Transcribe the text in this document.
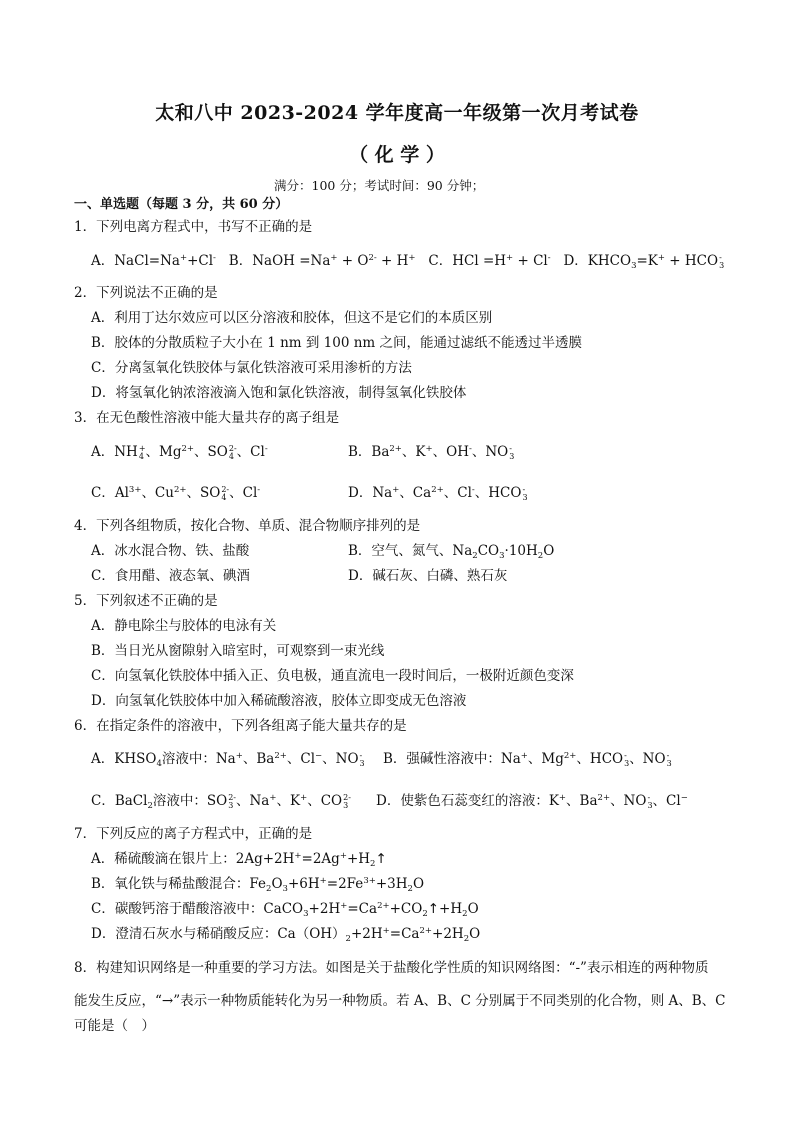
太和八中 2023-2024 学年度高一年级第一次月考试卷
（ 化 学 ）
满分：100 分；考试时间：90 分钟；
一、单选题（每题 3 分，共 60 分）
1．下列电离方程式中，书写不正确的是
A．NaCl=Na++Cl- B．NaOH $=Na^+ + O^{2-} + H^+$ C．HCl =H+ + Cl- D．$KHCO_3=K^+$ + HCO -
3
2．下列说法不正确的是
A．利用丁达尔效应可以区分溶液和胶体，但这不是它们的本质区别
B．胶体的分散质粒子大小在 1 nm 到 100 nm 之间，能通过滤纸不能透过半透膜
C．分离氢氧化铁胶体与氯化铁溶液可采用渗析的方法
D．将氢氧化钠浓溶液滴入饱和氯化铁溶液，制得氢氧化铁胶体
3．在无色酸性溶液中能大量共存的离子组是
A．NH +
4 、$Mg^{2+}$、SO 2-
4 、Cl-	B．$Ba^{2+}$、K+、OH-、NO -
3
C．$Al^{3+}$、$Cu^{2+}$、SO 2-
4 、Cl-	D．Na+、$Ca^{2+}$、Cl-、HCO -
3
4．下列各组物质，按化合物、单质、混合物顺序排列的是
A．冰水混合物、铁、盐酸	B．空气、氮气、$Na_2CO_3\cdot 10H_2O$
C．食用醋、液态氧、碘酒	D．碱石灰、白磷、熟石灰
5．下列叙述不正确的是
A．静电除尘与胶体的电泳有关
B．当日光从窗隙射入暗室时，可观察到一束光线
C．向氢氧化铁胶体中插入正、负电极，通直流电一段时间后，一极附近颜色变深
D．向氢氧化铁胶体中加入稀硫酸溶液，胶体立即变成无色溶液
6．在指定条件的溶液中，下列各组离子能大量共存的是
A．$KHSO_4$溶液中：Na+、$Ba^{2+}$、Cl−、NO -
3 B．强碱性溶液中：Na+、$Mg^{2+}$、HCO -
3 、NO -
3
C．BaCl$_2$溶液中：SO 2-
3 、Na+、K+、CO 2-
3 D．使紫色石蕊变红的溶液：K+、$Ba^{2+}$、NO -
3 、Cl−
7．下列反应的离子方程式中，正确的是
A．稀硫酸滴在银片上：$2Ag+2H^+=2Ag^++H_2↑$
B．氧化铁与稀盐酸混合：$Fe_2O_3+6H^+=2Fe^{3+}+3H_2O$
C．碳酸钙溶于醋酸溶液中：$CaCO_3+2H^+=Ca^{2+}+CO_2↑+H_2O$
D．澄清石灰水与稀硝酸反应：$Ca(OH)_2+2H^+=Ca^{2+}+2H_2O$
8．构建知识网络是一种重要的学习方法。如图是关于盐酸化学性质的知识网络图：“-”表示相连的两种物质
能发生反应，“→”表示一种物质能转化为另一种物质。若 A、B、C 分别属于不同类别的化合物，则 A、B、C
可能是（　）
